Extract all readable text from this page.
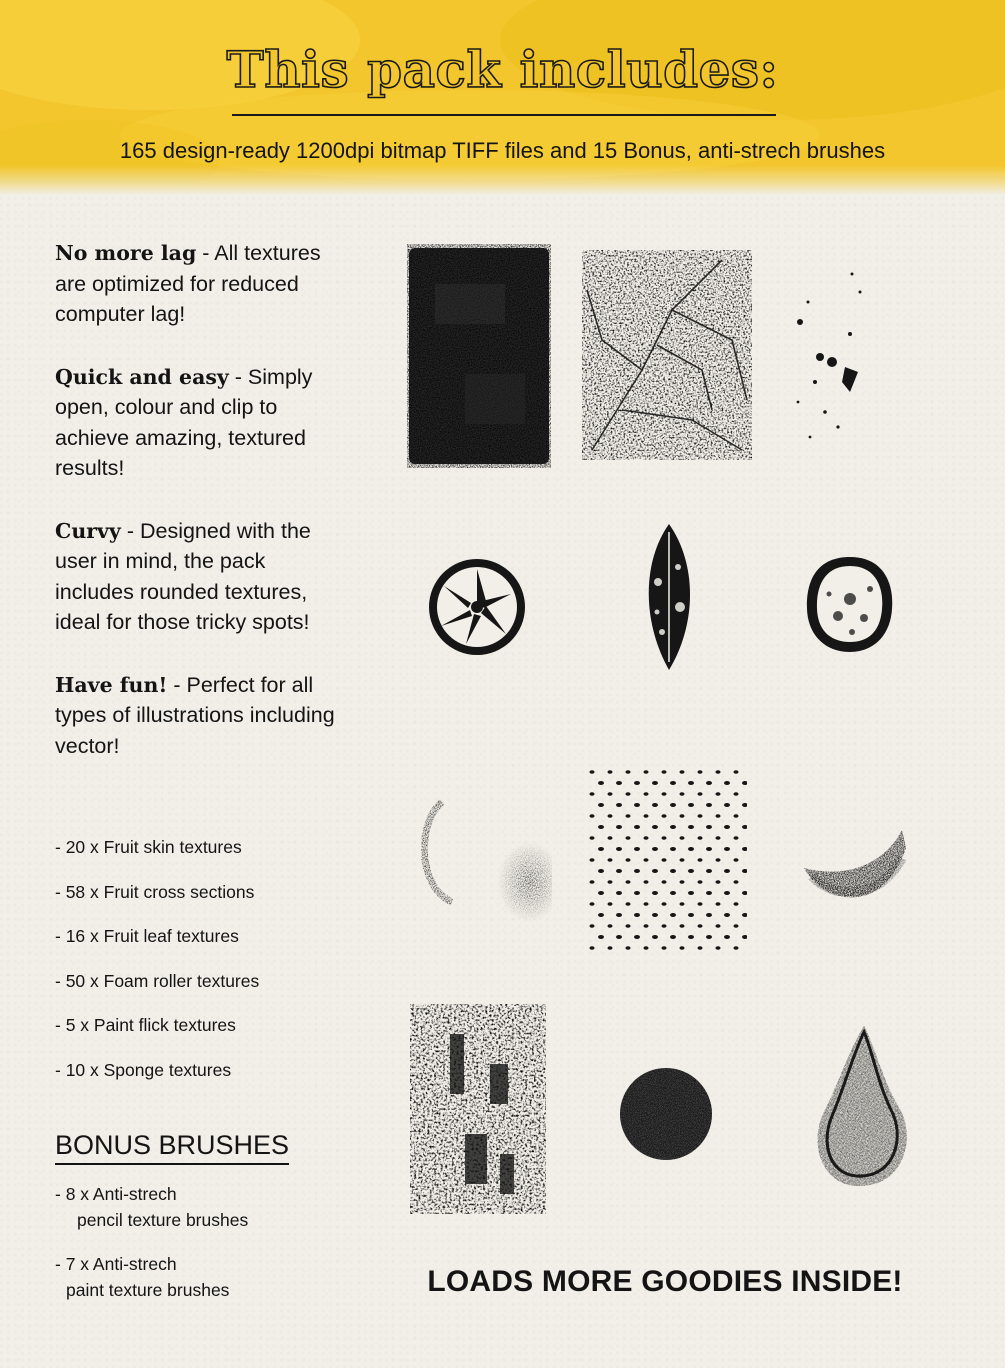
This pack includes:
165 design-ready 1200dpi bitmap TIFF files and 15 Bonus, anti-strech brushes

No more lag - All textures are optimized for reduced computer lag!

Quick and easy - Simply open, colour and clip to achieve amazing, textured results!

Curvy - Designed with the user in mind, the pack includes rounded textures, ideal for those tricky spots!

Have fun! - Perfect for all types of illustrations including vector!

- 20 x Fruit skin textures
- 58 x Fruit cross sections
- 16 x Fruit leaf textures
- 50 x Foam roller textures
- 5 x Paint flick textures
- 10 x Sponge textures
BONUS BRUSHES
- 8 x Anti-strech
pencil texture brushes
- 7 x Anti-strech
paint texture brushes	LOADS MORE GOODIES INSIDE!
